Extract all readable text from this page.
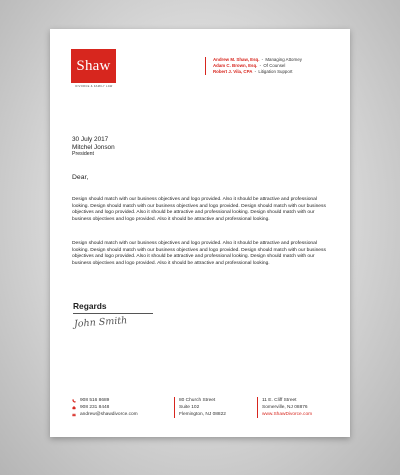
Shaw
DIVORCE & FAMILY LAW
Andrew M. Shaw, Esq. - Managing Attorney
Adam C. Brown, Esq. - Of Counsel
Robert J. Vila, CPA - Litigation Support
30 July 2017
Mitchel Jonson
President
Dear,
Design should match with our business objectives and logo provided. Also it should be attractive and professional looking. Design should match with our business objectives and logo provided. Design should match with our business objectives and logo provided. Also it should be attractive and professional looking. Design should match with our business objectives and logo provided. Also it should be attractive and professional looking.
Design should match with our business objectives and logo provided. Also it should be attractive and professional looking. Design should match with our business objectives and logo provided. Design should match with our business objectives and logo provided. Also it should be attractive and professional looking. Design should match with our business objectives and logo provided. Also it should be attractive and professional looking.
Regards
John Smith
908 516 8689
908 231 8448
andrew@shawdivorce.com
80 Church Street
Suite 102
Flemington, NJ 08822
11 E. Cliff Street
Somerville, NJ 08876
www.ShawDivorce.com
